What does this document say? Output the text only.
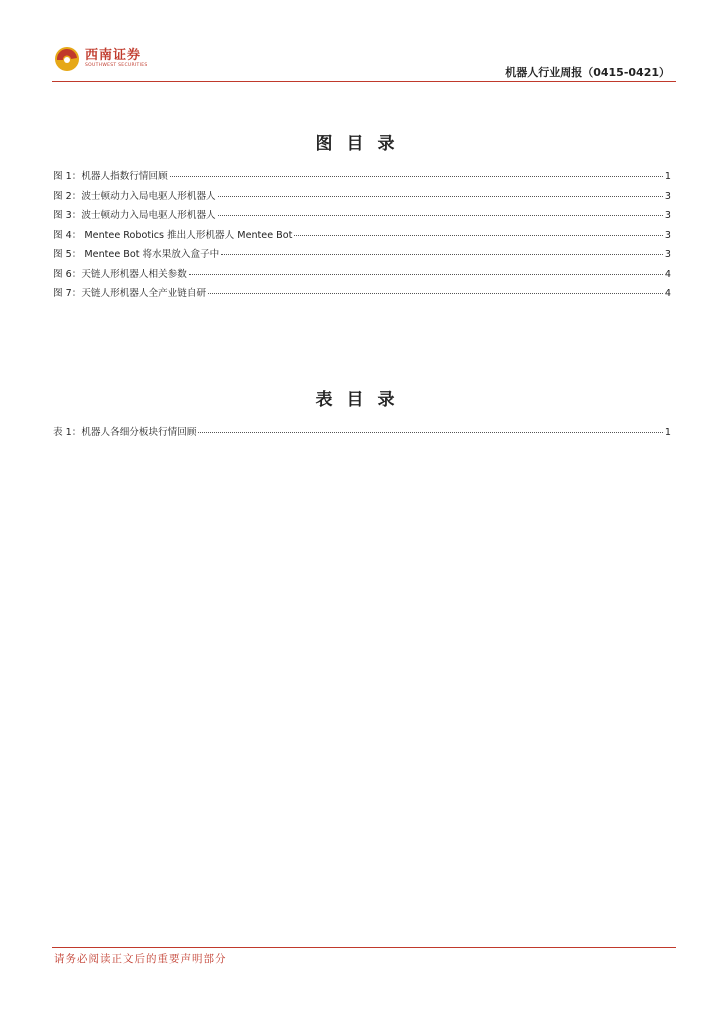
西南证券
SOUTHWEST SECURITIES
机器人行业周报（0415-0421）
图目录
图 1：机器人指数行情回顾	1
图 2：波士顿动力入局电驱人形机器人	3
图 3：波士顿动力入局电驱人形机器人	3
图 4： Mentee Robotics 推出人形机器人 Mentee Bot	3
图 5： Mentee Bot 将水果放入盒子中	3
图 6：天链人形机器人相关参数	4
图 7：天链人形机器人全产业链自研	4
表目录
表 1：机器人各细分板块行情回顾	1
请务必阅读正文后的重要声明部分
